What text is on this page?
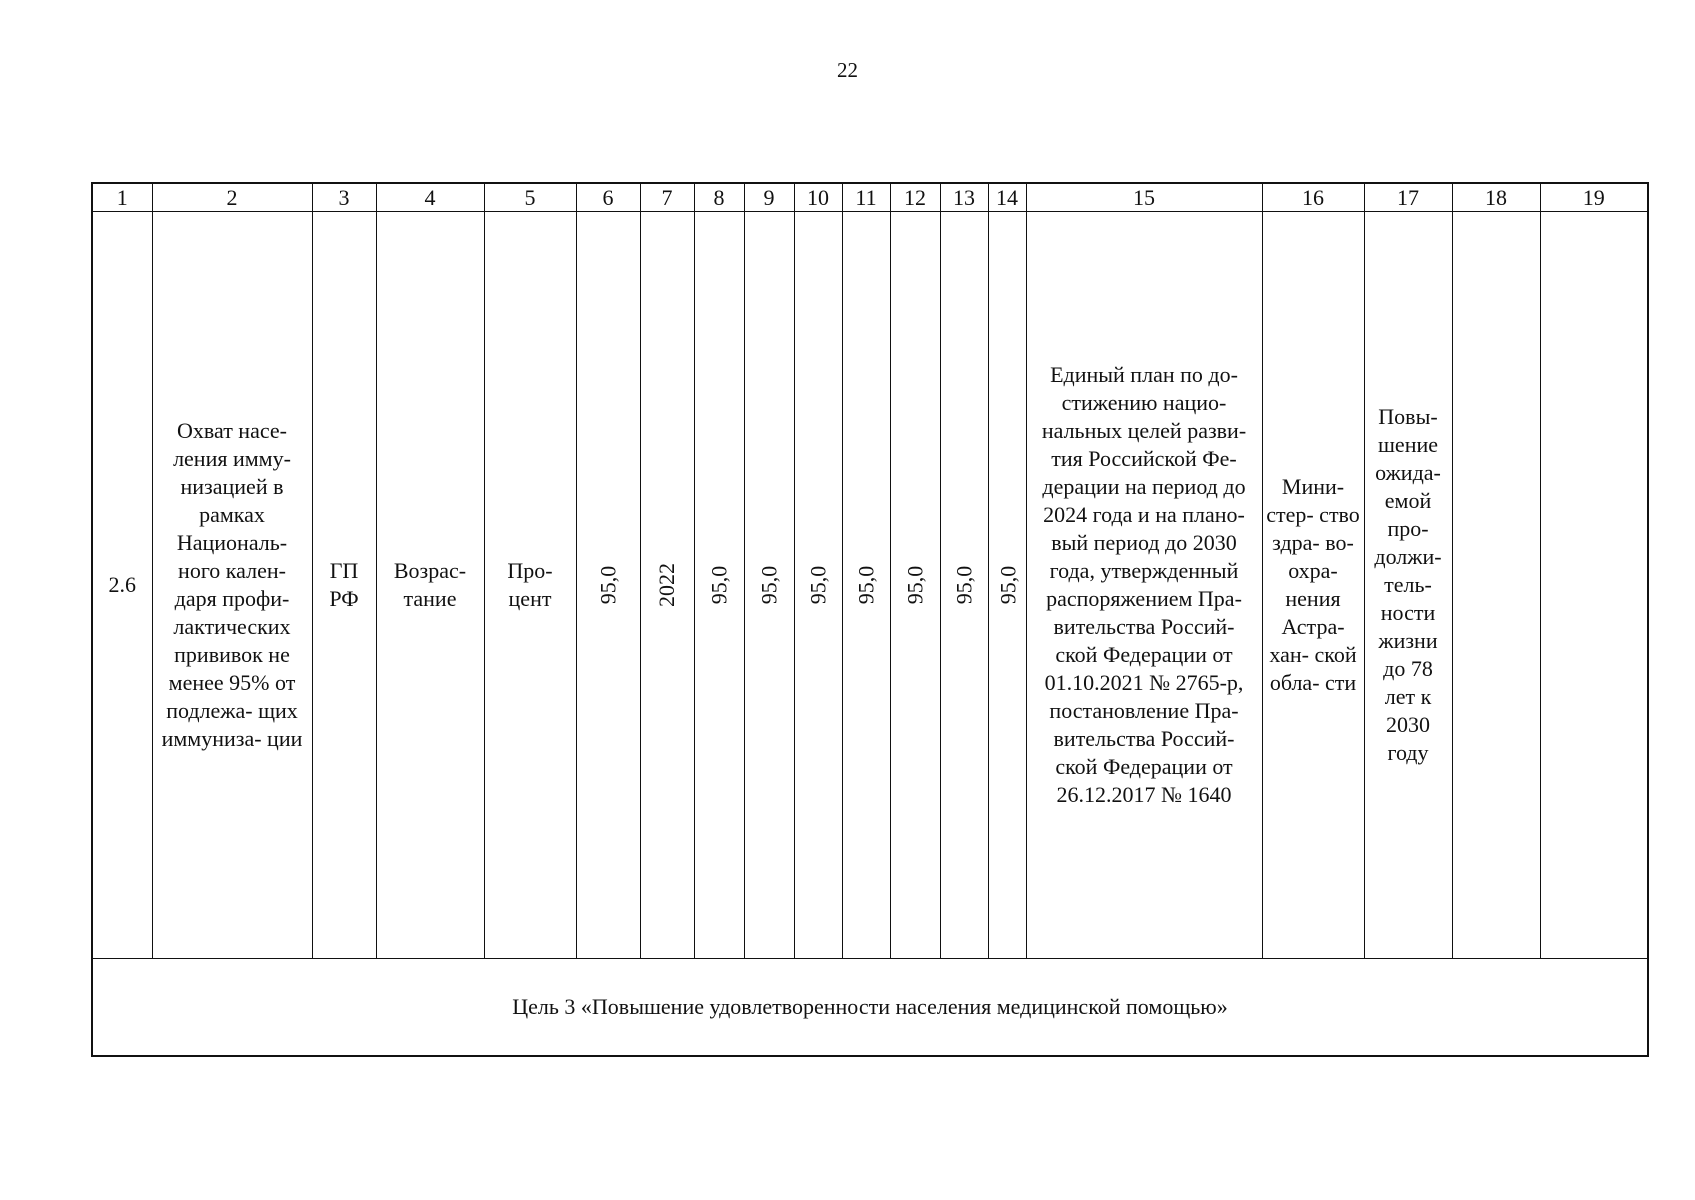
22
1	2	3	4	5	6	7	8	9	10	11	12	13	14	15	16	17	18	19
2.6	Охват насе- ления имму- низацией в рамках Националь- ного кален- даря профи- лактических прививок не менее 95% от подлежа- щих иммуниза- ции	ГП РФ	Возрас- тание	Про- цент	95,0	2022	95,0	95,0	95,0	95,0	95,0	95,0	95,0	Единый план по до- стижению нацио- нальных целей разви- тия Российской Фе- дерации на период до 2024 года и на плано- вый период до 2030 года, утвержденный распоряжением Пра- вительства Россий- ской Федерации от 01.10.2021 № 2765-р, постановление Пра- вительства Россий- ской Федерации от 26.12.2017 № 1640	Мини- стер- ство здра- во- охра- нения Астра- хан- ской обла- сти	Повы- шение ожида- емой про- должи- тель- ности жизни до 78 лет к 2030 году		

Цель 3 «Повышение удовлетворенности населения медицинской помощью»																		
